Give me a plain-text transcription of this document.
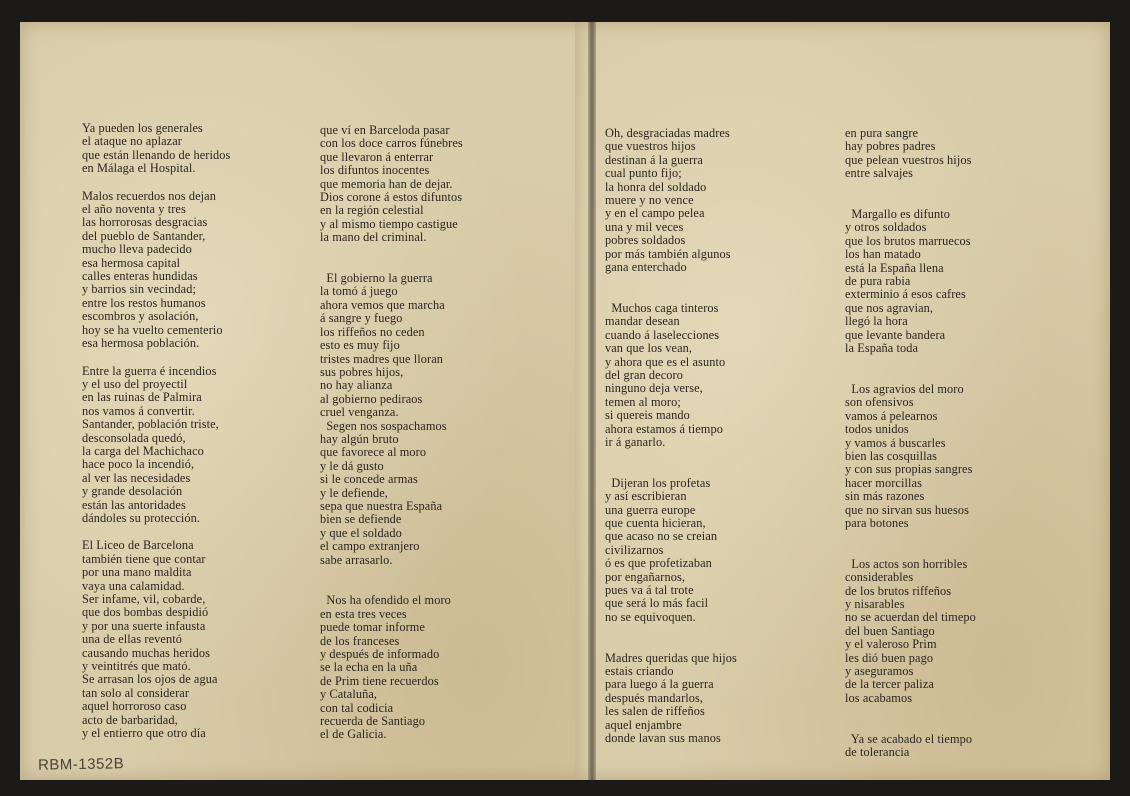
Ya pueden los generales
el ataque no aplazar
que están llenando de heridos
en Málaga el Hospital.
Malos recuerdos nos dejan
el año noventa y tres
las horrorosas desgracias
del pueblo de Santander,
mucho lleva padecido
esa hermosa capital
calles enteras hundidas
y barrios sin vecindad;
entre los restos humanos
escombros y asolación,
hoy se ha vuelto cementerio
esa hermosa población.
Entre la guerra é incendios
y el uso del proyectil
en las ruinas de Palmira
nos vamos á convertir.
Santander, población triste,
desconsolada quedó,
la carga del Machichaco
hace poco la incendió,
al ver las necesidades
y grande desolación
están las antoridades
dándoles su protección.
El Liceo de Barcelona
también tiene que contar
por una mano maldita
vaya una calamidad.
Ser infame, vil, cobarde,
que dos bombas despidió
y por una suerte infausta
una de ellas reventó
causando muchas heridos
y veintitrés que mató.
Se arrasan los ojos de agua
tan solo al considerar
aquel horroroso caso
acto de barbaridad,
y el entierro que otro día
que ví en Barceloda pasar
con los doce carros fúnebres
que llevaron á enterrar
los difuntos inocentes
que memoria han de dejar.
Dios corone á estos difuntos
en la región celestial
y al mismo tiempo castigue
la mano del criminal.
El gobierno la guerra
la tomó á juego
ahora vemos que marcha
á sangre y fuego
los riffeños no ceden
esto es muy fijo
tristes madres que lloran
sus pobres hijos,
no hay alianza
al gobierno pediraos
cruel venganza.
Segen nos sospachamos
hay algún bruto
que favorece al moro
y le dá gusto
si le concede armas
y le defiende,
sepa que nuestra España
bien se defiende
y que el soldado
el campo extranjero
sabe arrasarlo.
Nos ha ofendido el moro
en esta tres veces
puede tomar informe
de los franceses
y después de informado
se la echa en la uña
de Prim tiene recuerdos
y Cataluña,
con tal codicia
recuerda de Santiago
el de Galicia.
Oh, desgraciadas madres
que vuestros hijos
destinan á la guerra
cual punto fijo;
la honra del soldado
muere y no vence
y en el campo pelea
una y mil veces
pobres soldados
por más también algunos
gana enterchado
Muchos caga tinteros
mandar desean
cuando á laselecciones
van que los vean,
y ahora que es el asunto
del gran decoro
ninguno deja verse,
temen al moro;
si quereis mando
ahora estamos á tiempo
ir á ganarlo.
Dijeran los profetas
y así escribieran
una guerra europe
que cuenta hicieran,
que acaso no se creian
civilizarnos
ó es que profetizaban
por engañarnos,
pues va á tal trote
que será lo más facil
no se equivoquen.
Madres queridas que hijos
estais criando
para luego á la guerra
después mandarlos,
les salen de riffeños
aquel enjambre
donde lavan sus manos
en pura sangre
hay pobres padres
que pelean vuestros hijos
entre salvajes
Margallo es difunto
y otros soldados
que los brutos marruecos
los han matado
está la España llena
de pura rabia
exterminio á esos cafres
que nos agravian,
llegó la hora
que levante bandera
la España toda
Los agravios del moro
son ofensivos
vamos á pelearnos
todos unidos
y vamos á buscarles
bien las cosquillas
y con sus propias sangres
hacer morcillas
sin más razones
que no sirvan sus huesos
para botones
Los actos son horribles
considerables
de los brutos riffeños
y nisarables
no se acuerdan del timepo
del buen Santiago
y el valeroso Prim
les dió buen pago
y aseguramos
de la tercer paliza
los acabamos
Ya se acabado el tiempo
de tolerancia
RBM-1352B
